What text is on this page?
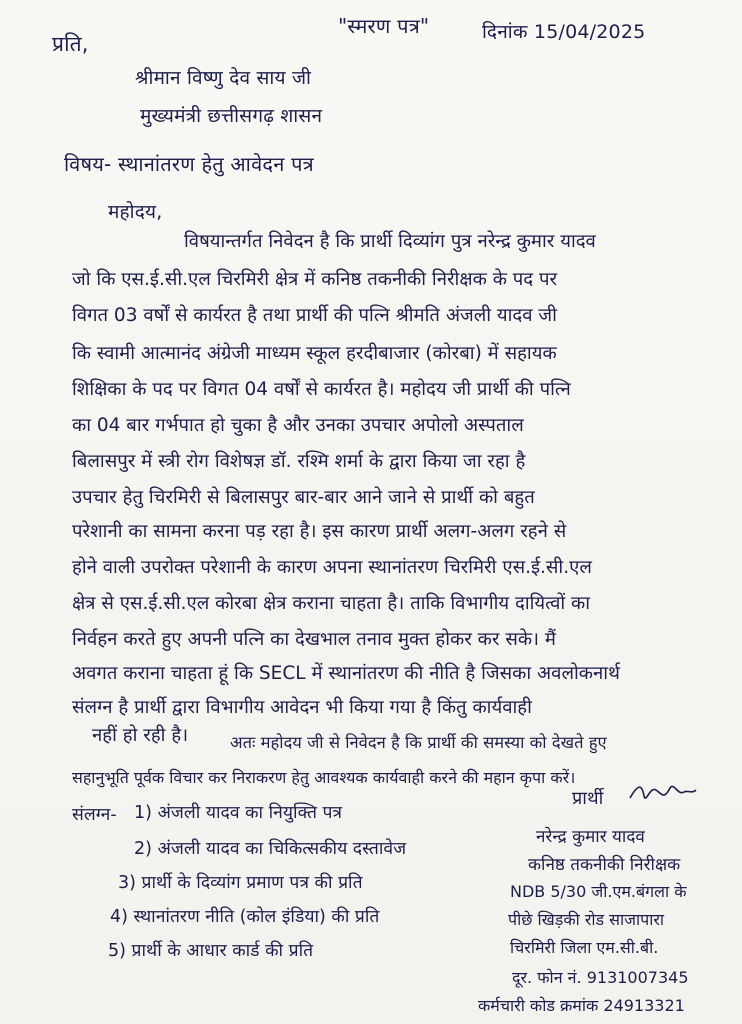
प्रति,
"स्मरण पत्र"	दिनांक 15/04/2025
श्रीमान विष्णु देव साय जी
मुख्यमंत्री छत्तीसगढ़ शासन
विषय- स्थानांतरण हेतु आवेदन पत्र
महोदय,
विषयान्तर्गत निवेदन है कि प्रार्थी दिव्यांग पुत्र नरेन्द्र कुमार यादव
जो कि एस.ई.सी.एल चिरमिरी क्षेत्र में कनिष्ठ तकनीकी निरीक्षक के पद पर
विगत 03 वर्षों से कार्यरत है तथा प्रार्थी की पत्नि श्रीमति अंजली यादव जी
कि स्वामी आत्मानंद अंग्रेजी माध्यम स्कूल हरदीबाजार (कोरबा) में सहायक
शिक्षिका के पद पर विगत 04 वर्षों से कार्यरत है। महोदय जी प्रार्थी की पत्नि
का 04 बार गर्भपात हो चुका है और उनका उपचार अपोलो अस्पताल
बिलासपुर में स्त्री रोग विशेषज्ञ डॉ. रश्मि शर्मा के द्वारा किया जा रहा है
उपचार हेतु चिरमिरी से बिलासपुर बार-बार आने जाने से प्रार्थी को बहुत
परेशानी का सामना करना पड़ रहा है। इस कारण प्रार्थी अलग-अलग रहने से
होने वाली उपरोक्त परेशानी के कारण अपना स्थानांतरण चिरमिरी एस.ई.सी.एल
क्षेत्र से एस.ई.सी.एल कोरबा क्षेत्र कराना चाहता है। ताकि विभागीय दायित्वों का
निर्वहन करते हुए अपनी पत्नि का देखभाल तनाव मुक्त होकर कर सके। मैं
अवगत कराना चाहता हूं कि SECL में स्थानांतरण की नीति है जिसका अवलोकनार्थ
संलग्न है प्रार्थी द्वारा विभागीय आवेदन भी किया गया है किंतु कार्यवाही
नहीं हो रही है।	अतः महोदय जी से निवेदन है कि प्रार्थी की समस्या को देखते हुए
सहानुभूति पूर्वक विचार कर निराकरण हेतु आवश्यक कार्यवाही करने की महान कृपा करें।
संलग्न- 1) अंजली यादव का नियुक्ति पत्र
2) अंजली यादव का चिकित्सकीय दस्तावेज
3) प्रार्थी के दिव्यांग प्रमाण पत्र की प्रति
4) स्थानांतरण नीति (कोल इंडिया) की प्रति
5) प्रार्थी के आधार कार्ड की प्रति
प्रार्थी
नरेन्द्र कुमार यादव
कनिष्ठ तकनीकी निरीक्षक
NDB 5/30 जी.एम.बंगला के
पीछे खिड़की रोड साजापारा
चिरमिरी जिला एम.सी.बी.
दूर. फोन नं. 9131007345
कर्मचारी कोड क्रमांक 24913321
